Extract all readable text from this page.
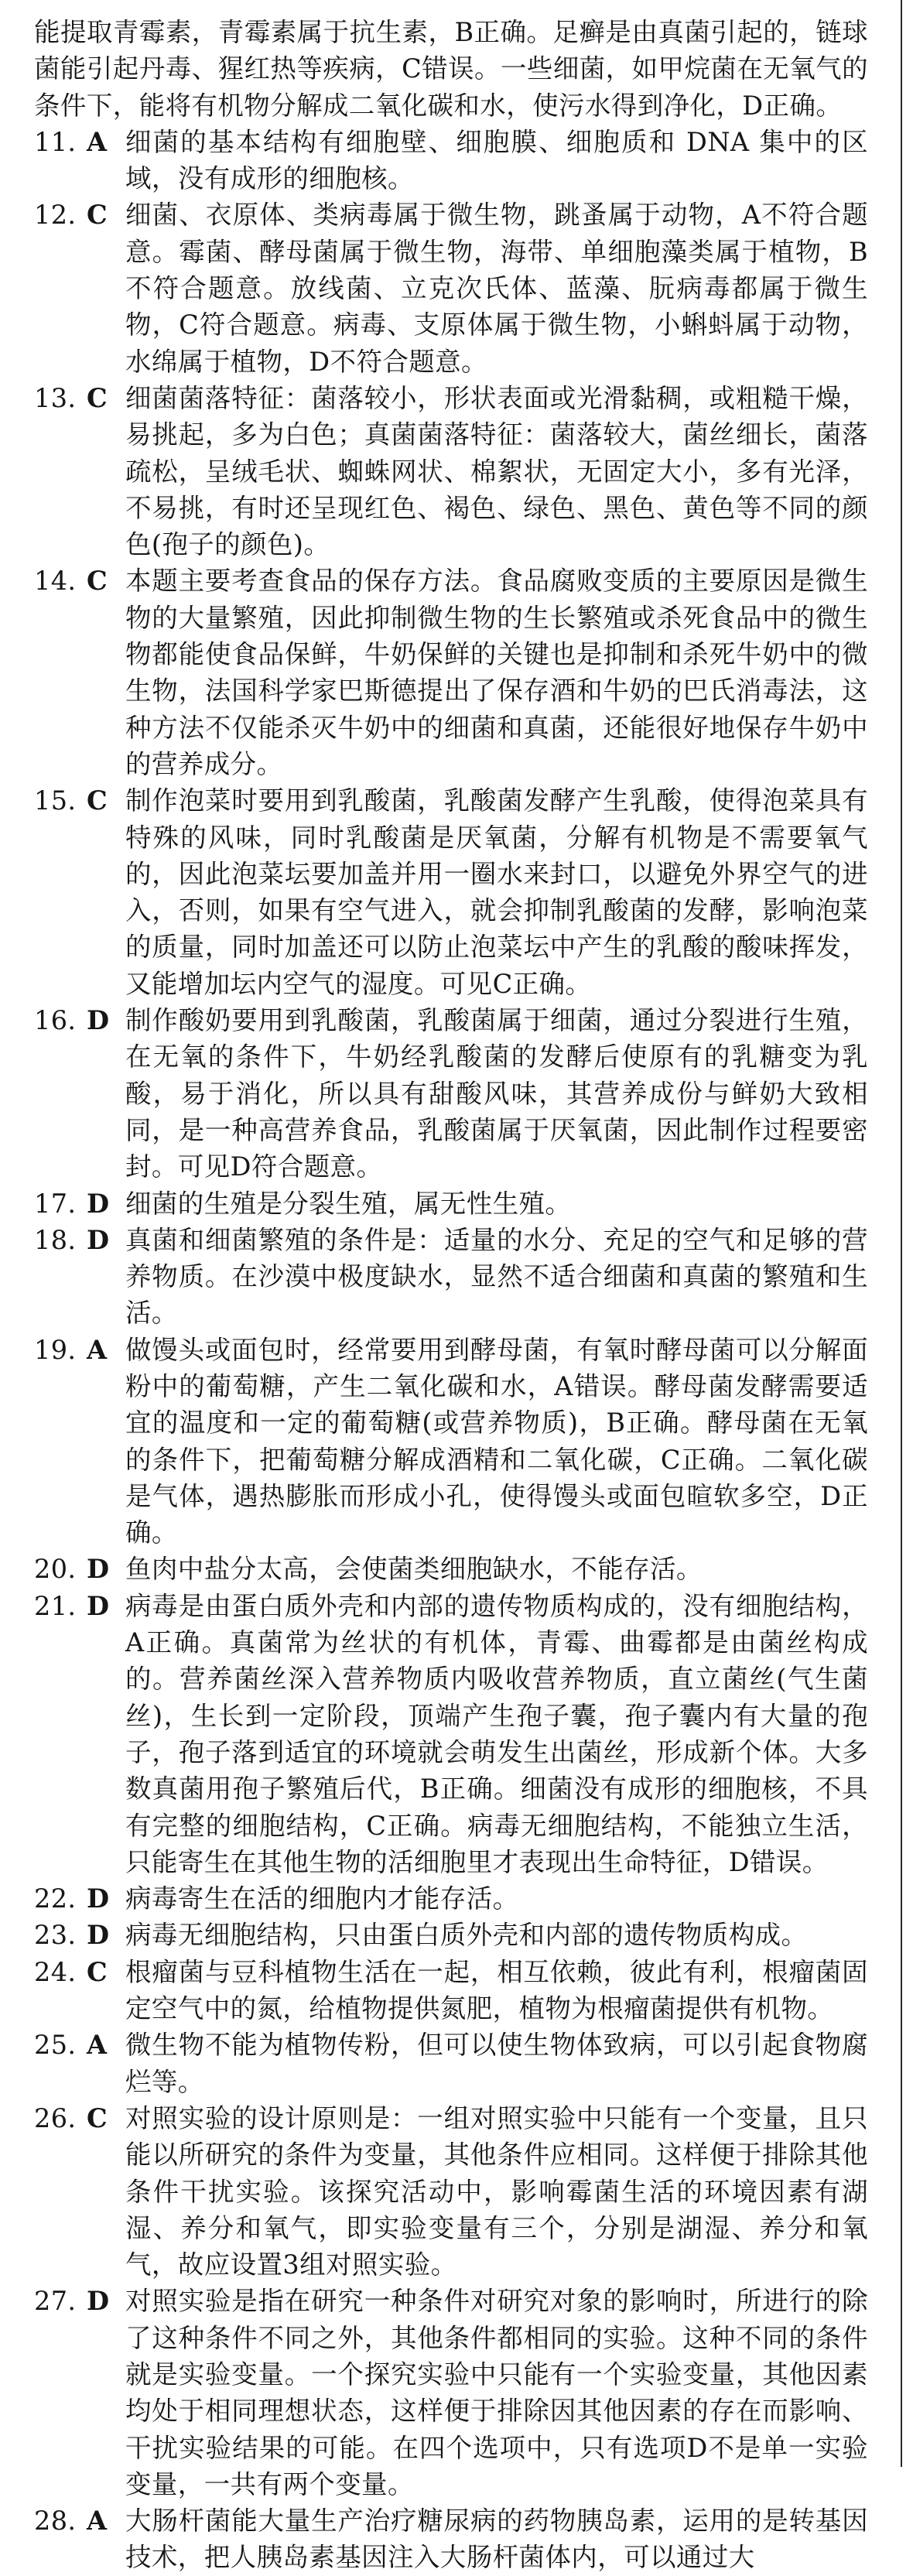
能提取青霉素，青霉素属于抗生素，B正确。足癣是由真菌引起的，链球菌能引起丹毒、猩红热等疾病，C错误。一些细菌，如甲烷菌在无氧气的条件下，能将有机物分解成二氧化碳和水，使污水得到净化，D正确。

11. A 细菌的基本结构有细胞壁、细胞膜、细胞质和 DNA 集中的区域，没有成形的细胞核。

12. C 细菌、衣原体、类病毒属于微生物，跳蚤属于动物，A不符合题意。霉菌、酵母菌属于微生物，海带、单细胞藻类属于植物，B不符合题意。放线菌、立克次氏体、蓝藻、朊病毒都属于微生物，C符合题意。病毒、支原体属于微生物，小蝌蚪属于动物，水绵属于植物，D不符合题意。

13. C 细菌菌落特征：菌落较小，形状表面或光滑黏稠，或粗糙干燥，易挑起，多为白色；真菌菌落特征：菌落较大，菌丝细长，菌落疏松，呈绒毛状、蜘蛛网状、棉絮状，无固定大小，多有光泽，不易挑，有时还呈现红色、褐色、绿色、黑色、黄色等不同的颜色(孢子的颜色)。

14. C 本题主要考查食品的保存方法。食品腐败变质的主要原因是微生物的大量繁殖，因此抑制微生物的生长繁殖或杀死食品中的微生物都能使食品保鲜，牛奶保鲜的关键也是抑制和杀死牛奶中的微生物，法国科学家巴斯德提出了保存酒和牛奶的巴氏消毒法，这种方法不仅能杀灭牛奶中的细菌和真菌，还能很好地保存牛奶中的营养成分。

15. C 制作泡菜时要用到乳酸菌，乳酸菌发酵产生乳酸，使得泡菜具有特殊的风味，同时乳酸菌是厌氧菌，分解有机物是不需要氧气的，因此泡菜坛要加盖并用一圈水来封口，以避免外界空气的进入，否则，如果有空气进入，就会抑制乳酸菌的发酵，影响泡菜的质量，同时加盖还可以防止泡菜坛中产生的乳酸的酸味挥发，又能增加坛内空气的湿度。可见C正确。

16. D 制作酸奶要用到乳酸菌，乳酸菌属于细菌，通过分裂进行生殖，在无氧的条件下，牛奶经乳酸菌的发酵后使原有的乳糖变为乳酸，易于消化，所以具有甜酸风味，其营养成份与鲜奶大致相同，是一种高营养食品，乳酸菌属于厌氧菌，因此制作过程要密封。可见D符合题意。

17. D 细菌的生殖是分裂生殖，属无性生殖。

18. D 真菌和细菌繁殖的条件是：适量的水分、充足的空气和足够的营养物质。在沙漠中极度缺水，显然不适合细菌和真菌的繁殖和生活。

19. A 做馒头或面包时，经常要用到酵母菌，有氧时酵母菌可以分解面粉中的葡萄糖，产生二氧化碳和水，A错误。酵母菌发酵需要适宜的温度和一定的葡萄糖(或营养物质)，B正确。酵母菌在无氧的条件下，把葡萄糖分解成酒精和二氧化碳，C正确。二氧化碳是气体，遇热膨胀而形成小孔，使得馒头或面包暄软多空，D正确。

20. D 鱼肉中盐分太高，会使菌类细胞缺水，不能存活。

21. D 病毒是由蛋白质外壳和内部的遗传物质构成的，没有细胞结构，A正确。真菌常为丝状的有机体，青霉、曲霉都是由菌丝构成的。营养菌丝深入营养物质内吸收营养物质，直立菌丝(气生菌丝)，生长到一定阶段，顶端产生孢子囊，孢子囊内有大量的孢子，孢子落到适宜的环境就会萌发生出菌丝，形成新个体。大多数真菌用孢子繁殖后代，B正确。细菌没有成形的细胞核，不具有完整的细胞结构，C正确。病毒无细胞结构，不能独立生活，只能寄生在其他生物的活细胞里才表现出生命特征，D错误。

22. D 病毒寄生在活的细胞内才能存活。

23. D 病毒无细胞结构，只由蛋白质外壳和内部的遗传物质构成。

24. C 根瘤菌与豆科植物生活在一起，相互依赖，彼此有利，根瘤菌固定空气中的氮，给植物提供氮肥，植物为根瘤菌提供有机物。

25. A 微生物不能为植物传粉，但可以使生物体致病，可以引起食物腐烂等。

26. C 对照实验的设计原则是：一组对照实验中只能有一个变量，且只能以所研究的条件为变量，其他条件应相同。这样便于排除其他条件干扰实验。该探究活动中，影响霉菌生活的环境因素有湖湿、养分和氧气，即实验变量有三个，分别是湖湿、养分和氧气，故应设置3组对照实验。

27. D 对照实验是指在研究一种条件对研究对象的影响时，所进行的除了这种条件不同之外，其他条件都相同的实验。这种不同的条件就是实验变量。一个探究实验中只能有一个实验变量，其他因素均处于相同理想状态，这样便于排除因其他因素的存在而影响、干扰实验结果的可能。在四个选项中，只有选项D不是单一实验变量，一共有两个变量。

28. A 大肠杆菌能大量生产治疗糖尿病的药物胰岛素，运用的是转基因技术，把人胰岛素基因注入大肠杆菌体内，可以通过大
